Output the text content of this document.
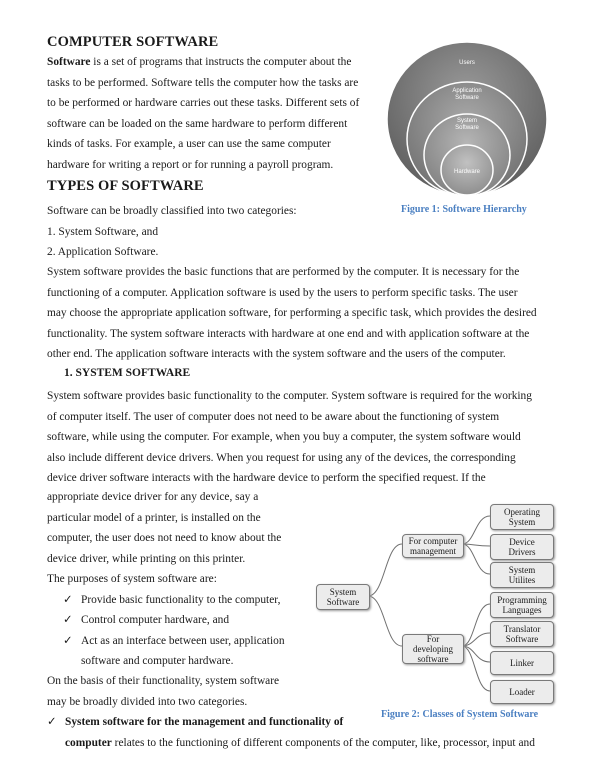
COMPUTER SOFTWARE
Software is a set of programs that instructs the computer about the
tasks to be performed. Software tells the computer how the tasks are
to be performed or hardware carries out these tasks. Different sets of
software can be loaded on the same hardware to perform different
kinds of tasks. For example, a user can use the same computer
hardware for writing a report or for running a payroll program.
Users
Application Software
System Software
Hardware
Figure 1: Software Hierarchy
TYPES OF SOFTWARE
Software can be broadly classified into two categories:
1. System Software, and
2. Application Software.
System software provides the basic functions that are performed by the computer. It is necessary for the
functioning of a computer. Application software is used by the users to perform specific tasks. The user
may choose the appropriate application software, for performing a specific task, which provides the desired
functionality. The system software interacts with hardware at one end and with application software at the
other end. The application software interacts with the system software and the users of the computer.
1. SYSTEM SOFTWARE
System software provides basic functionality to the computer. System software is required for the working
of computer itself. The user of computer does not need to be aware about the functioning of system
software, while using the computer. For example, when you buy a computer, the system software would
also include different device drivers. When you request for using any of the devices, the corresponding
device driver software interacts with the hardware device to perform the specified request. If the
appropriate device driver for any device, say a
particular model of a printer, is installed on the
computer, the user does not need to know about the
device driver, while printing on this printer.
The purposes of system software are:
✓ Provide basic functionality to the computer,
✓ Control computer hardware, and
✓ Act as an interface between user, application
software and computer hardware.
On the basis of their functionality, system software
may be broadly divided into two categories.
✓ System software for the management and functionality of
computer relates to the functioning of different components of the computer, like, processor, input and
System
Software
For computer
management
For
developing
software
Operating
System
Device
Drivers
System
Utilites
Programming
Languages
Translator
Software
Linker
Loader
Figure 2: Classes of System Software
